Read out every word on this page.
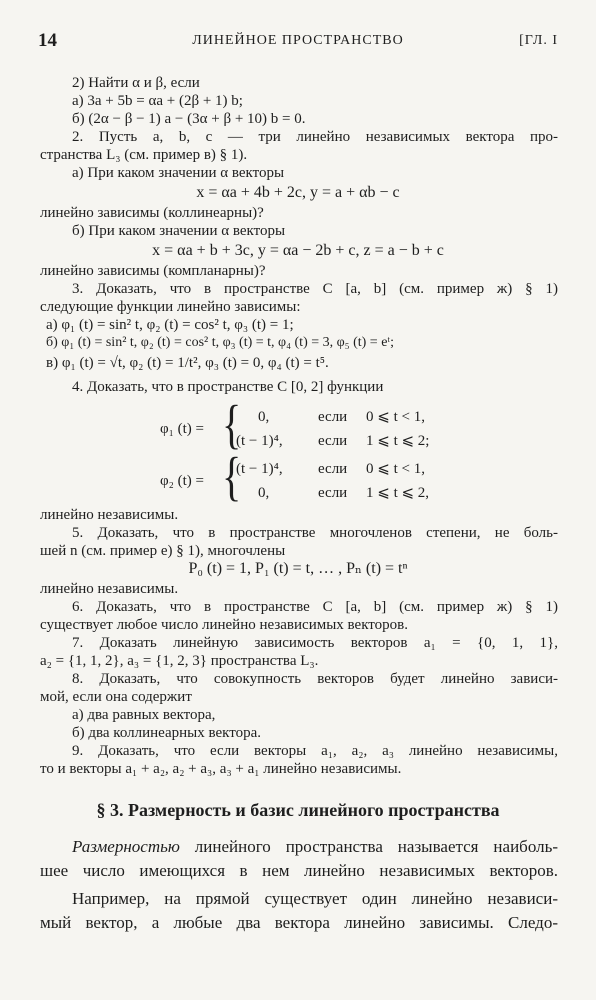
14	ЛИНЕЙНОЕ ПРОСТРАНСТВО	[ГЛ. I
2) Найти α и β, если
а) 3a + 5b = αa + (2β + 1) b;
б) (2α − β − 1) a − (3α + β + 10) b = 0.
2. Пусть a, b, c — три линейно независимых вектора про-
странства L₃ (см. пример в) § 1).
а) При каком значении α векторы
x = αa + 4b + 2c, y = a + αb − c
линейно зависимы (коллинеарны)?
б) При каком значении α векторы
x = αa + b + 3c, y = αa − 2b + c, z = a − b + c
линейно зависимы (компланарны)?
3. Доказать, что в пространстве C [a, b] (см. пример ж) § 1)
следующие функции линейно зависимы:
а) φ₁ (t) = sin² t, φ₂ (t) = cos² t, φ₃ (t) = 1;
б) φ₁ (t) = sin² t, φ₂ (t) = cos² t, φ₃ (t) = t, φ₄ (t) = 3, φ₅ (t) = eᵗ;
в) φ₁ (t) = √t, φ₂ (t) = 1/t², φ₃ (t) = 0, φ₄ (t) = t⁵.
4. Доказать, что в пространстве C [0, 2] функции
φ₁ (t) = { 0,	если 0 ⩽ t < 1,
(t − 1)⁴, если 1 ⩽ t ⩽ 2;
φ₂ (t) = {
(t − 1)⁴, если 0 ⩽ t < 1,
0,	если 1 ⩽ t ⩽ 2,
линейно независимы.
5. Доказать, что в пространстве многочленов степени, не боль-
шей n (см. пример е) § 1), многочлены
P₀ (t) = 1, P₁ (t) = t, … , Pₙ (t) = tⁿ
линейно независимы.
6. Доказать, что в пространстве C [a, b] (см. пример ж) § 1)
существует любое число линейно независимых векторов.
7. Доказать линейную зависимость векторов a₁ = {0, 1, 1},
a₂ = {1, 1, 2}, a₃ = {1, 2, 3} пространства L₃.
8. Доказать, что совокупность векторов будет линейно зависи-
мой, если она содержит
а) два равных вектора,
б) два коллинеарных вектора.
9. Доказать, что если векторы a₁, a₂, a₃ линейно независимы,
то и векторы a₁ + a₂, a₂ + a₃, a₃ + a₁ линейно независимы.
§ 3. Размерность и базис линейного пространства
Размерностью линейного пространства называется наиболь-
шее число имеющихся в нем линейно независимых векторов.
Например, на прямой существует один линейно независи-
мый вектор, а любые два вектора линейно зависимы. Следо-
